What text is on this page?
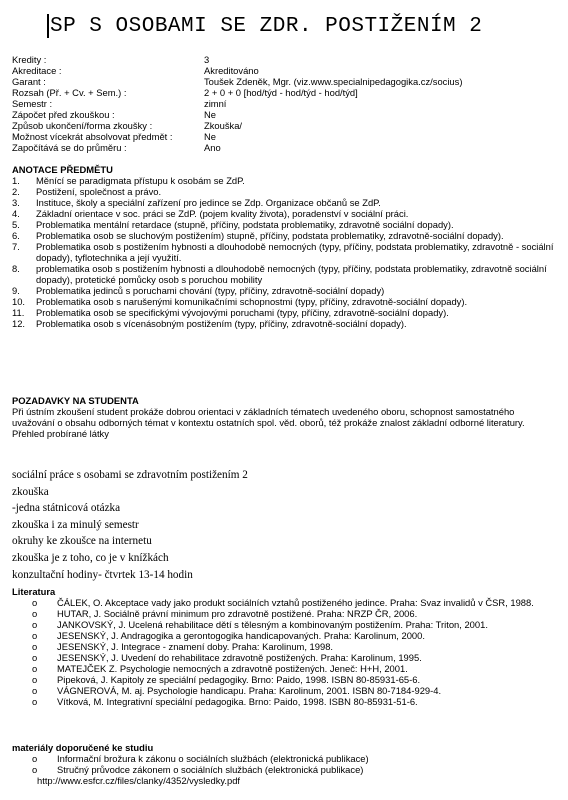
SP S OSOBAMI SE ZDR. POSTIŽENÍM 2
Kredity :	3
Akreditace :	Akreditováno
Garant :	Toušek Zdeněk, Mgr. (viz.www.specialnipedagogika.cz/socius)
Rozsah (Př. + Cv. + Sem.) :	2 + 0 + 0 [hod/týd - hod/týd - hod/týd]
Semestr :	zimní
Zápočet před zkouškou :	Ne
Způsob ukončení/forma zkoušky :	Zkouška/
Možnost vícekrát absolvovat předmět :	Ne
Započítává se do průměru :	Ano
ANOTACE PŘEDMĚTU
1.	Měnící se paradigmata přístupu k osobám se ZdP.
2.	Postižení, společnost a právo.
3.	Instituce, školy a speciální zařízení pro jedince se Zdp. Organizace občanů se ZdP.
4.	Základní orientace v soc. práci se ZdP. (pojem kvality života), poradenství v sociální práci.
5.	Problematika mentální retardace (stupně, příčiny, podstata problematiky, zdravotně sociální dopady).
6.	Problematika osob se sluchovým postižením) stupně, příčiny, podstata problematiky, zdravotně-sociální dopady).
7.	Problematika osob s postižením hybnosti a dlouhodobě nemocných (typy, příčiny, podstata problematiky, zdravotně - sociální dopady), tyflotechnika a její využití.
8.	problematika osob s postižením hybnosti a dlouhodobě nemocných (typy, příčiny, podstata problematiky, zdravotně sociální dopady), protetické pomůcky osob s poruchou mobility
9.	Problematika jedinců s poruchami chování (typy, příčiny, zdravotně-sociální dopady)
10.	Problematika osob s narušenými komunikačními schopnostmi (typy, příčiny, zdravotně-sociální dopady).
11.	Problematika osob se specifickými vývojovými poruchami (typy, příčiny, zdravotně-sociální dopady).
12.	Problematika osob s vícenásobným postižením (typy, příčiny, zdravotně-sociální dopady).
POZADAVKY NA STUDENTA
Při ústním zkoušení student prokáže dobrou orientaci v základních tématech uvedeného oboru, schopnost samostatného uvažování o obsahu odborných témat v kontextu ostatních spol. věd. oborů, též prokáže znalost základní odborné literatury.
Přehled probírané látky
sociální práce s osobami se zdravotním postižením 2
zkouška
-jedna státnicová otázka
zkouška i za minulý semestr
okruhy ke zkoušce na internetu
zkouška je z toho, co je v knížkách
konzultační hodiny- čtvrtek 13-14 hodin
Literatura
o	ČÁLEK, O. Akceptace vady jako produkt sociálních vztahů postiženého jedince. Praha: Svaz invalidů v ČSR, 1988.
o	HUTAR, J. Sociálně právní minimum pro zdravotně postižené. Praha: NRZP ČR, 2006.
o	JANKOVSKÝ, J. Ucelená rehabilitace dětí s tělesným a kombinovaným postižením. Praha: Triton, 2001.
o	JESENSKÝ, J. Andragogika a gerontogogika handicapovaných. Praha: Karolinum, 2000.
o	JESENSKÝ, J. Integrace - znamení doby. Praha: Karolinum, 1998.
o	JESENSKÝ, J. Uvedení do rehabilitace zdravotně postižených. Praha: Karolinum, 1995.
o	MATEJČEK Z. Psychologie nemocných a zdravotně postižených. Jeneč: H+H, 2001.
o	Pipeková, J. Kapitoly ze speciální pedagogiky. Brno: Paido, 1998. ISBN 80-85931-65-6.
o	VÁGNEROVÁ, M. aj. Psychologie handicapu. Praha: Karolinum, 2001. ISBN 80-7184-929-4.
o	Vítková, M. Integrativní speciální pedagogika. Brno: Paido, 1998. ISBN 80-85931-51-6.
materiály doporučené ke studiu
o	Informační brožura k zákonu o sociálních službách (elektronická publikace)
o	Stručný průvodce zákonem o sociálních službách (elektronická publikace)
http://www.esfcr.cz/files/clanky/4352/vysledky.pdf
